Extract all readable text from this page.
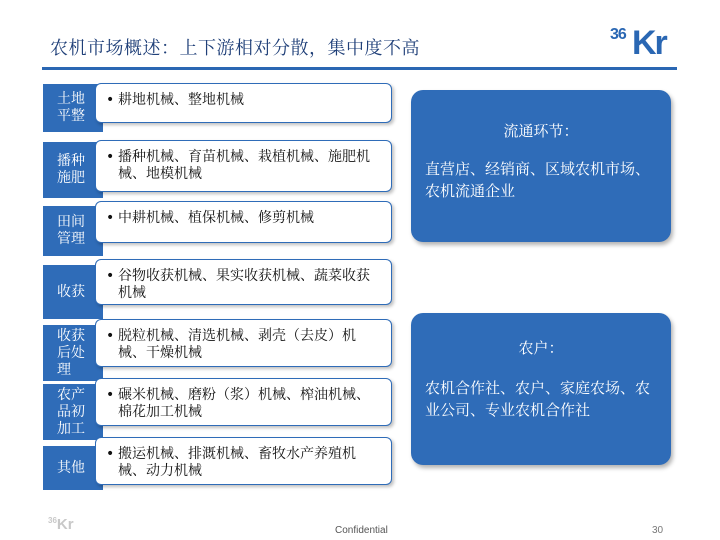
农机市场概述：上下游相对分散，集中度不高
36 Kr
土地
平整
• 耕地机械、整地机械
播种
施肥
• 播种机械、育苗机械、栽植机械、施肥机械、地模机械
田间
管理
• 中耕机械、植保机械、修剪机械
收获
• 谷物收获机械、果实收获机械、蔬菜收获机械
收获
后处
理
• 脱粒机械、清选机械、剥壳（去皮）机械、干燥机械
农产
品初
加工
• 碾米机械、磨粉（浆）机械、榨油机械、棉花加工机械
其他
• 搬运机械、排溉机械、畜牧水产养殖机械、动力机械
流通环节：
直营店、经销商、区域农机市场、农机流通企业
农户：
农机合作社、农户、家庭农场、农业公司、专业农机合作社
$^{36}$Kr	Confidential	30
